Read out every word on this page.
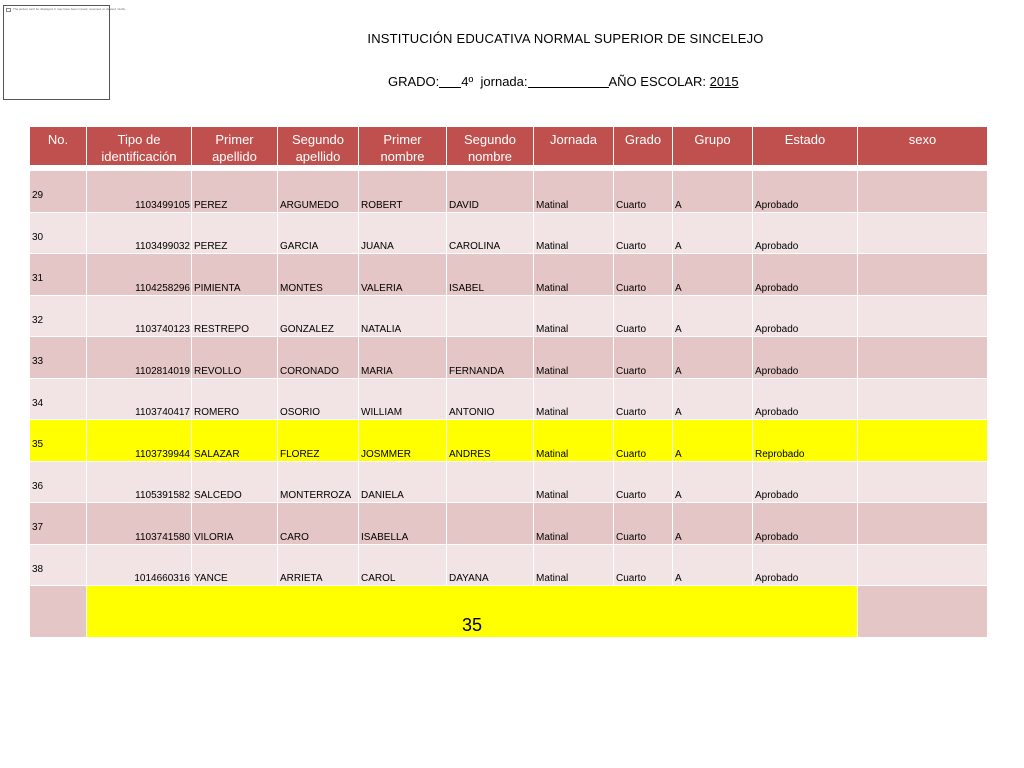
The picture can't be displayed. It may have been moved, renamed, or deleted. Verify...
INSTITUCIÓN EDUCATIVA NORMAL SUPERIOR DE SINCELEJO
GRADO: 4º jornada:	AÑO ESCOLAR: 2015
No.	Tipo de identificación	Primer apellido	Segundo apellido	Primer nombre	Segundo nombre	Jornada	Grado	Grupo	Estado	sexo

29	1103499105	PEREZ	ARGUMEDO	ROBERT	DAVID	Matinal	Cuarto	A	Aprobado	

30	1103499032	PEREZ	GARCIA	JUANA	CAROLINA	Matinal	Cuarto	A	Aprobado	

31	1104258296	PIMIENTA	MONTES	VALERIA	ISABEL	Matinal	Cuarto	A	Aprobado	

32	1103740123	RESTREPO	GONZALEZ	NATALIA		Matinal	Cuarto	A	Aprobado	

33	1102814019	REVOLLO	CORONADO	MARIA	FERNANDA	Matinal	Cuarto	A	Aprobado	

34	1103740417	ROMERO	OSORIO	WILLIAM	ANTONIO	Matinal	Cuarto	A	Aprobado	

35	1103739944	SALAZAR	FLOREZ	JOSMMER	ANDRES	Matinal	Cuarto	A	Reprobado	

36	1105391582	SALCEDO	MONTERROZA	DANIELA		Matinal	Cuarto	A	Aprobado	

37	1103741580	VILORIA	CARO	ISABELLA		Matinal	Cuarto	A	Aprobado	

38	1014660316	YANCE	ARRIETA	CAROL	DAYANA	Matinal	Cuarto	A	Aprobado	

	35									
